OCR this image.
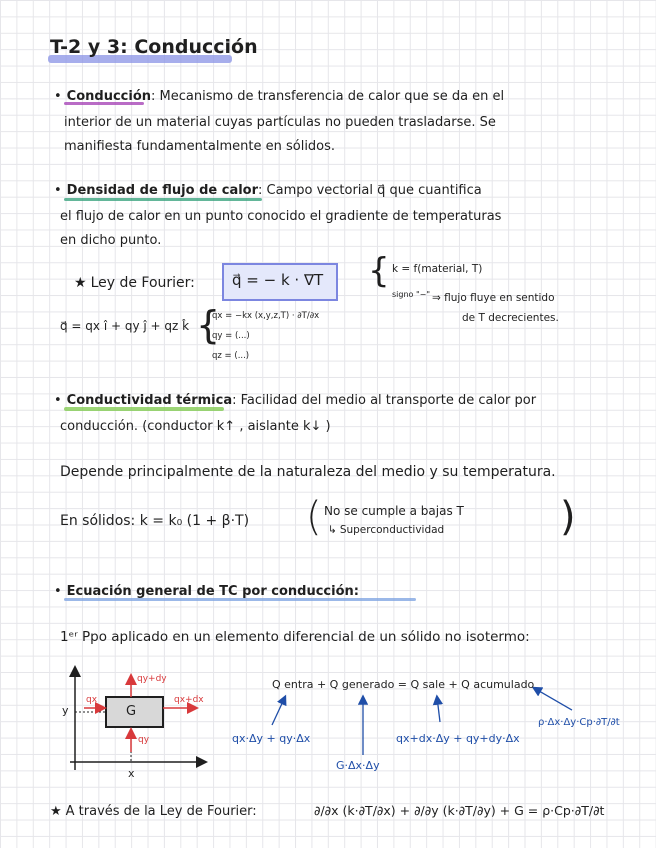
T-2 y 3: Conducción
• Conducción: Mecanismo de transferencia de calor que se da en el
interior de un material cuyas partículas no pueden trasladarse. Se
manifiesta fundamentalmente en sólidos.
• Densidad de flujo de calor: Campo vectorial q⃗ que cuantifica
el flujo de calor en un punto conocido el gradiente de temperaturas
en dicho punto.
★ Ley de Fourier: q⃗ = − k · ∇T { k = f(material, T)
signo "−" ⇒ flujo fluye en sentido
de T decrecientes.
q⃗ = qx î + qy ĵ + qz k̂ {
qx = −kx (x,y,z,T) · ∂T/∂x
qy = (...)
qz = (...)
• Conductividad térmica: Facilidad del medio al transporte de calor por
conducción. (conductor k↑ , aislante k↓ )
Depende principalmente de la naturaleza del medio y su temperatura.
En sólidos: k = k₀ (1 + β·T) ( No se cumple a bajas T
↳ Superconductividad	)
• Ecuación general de TC por conducción:
1ᵉʳ Ppo aplicado en un elemento diferencial de un sólido no isotermo:
G
y
x
qx
qy+dy
qx+dx
qy
Q entra + Q generado = Q sale + Q acumulado
qx·Δy + qy·Δx
G·Δx·Δy
qx+dx·Δy + qy+dy·Δx
ρ·Δx·Δy·Cp·∂T/∂t
★ A través de la Ley de Fourier:	∂/∂x (k·∂T/∂x) + ∂/∂y (k·∂T/∂y) + G = ρ·Cp·∂T/∂t
